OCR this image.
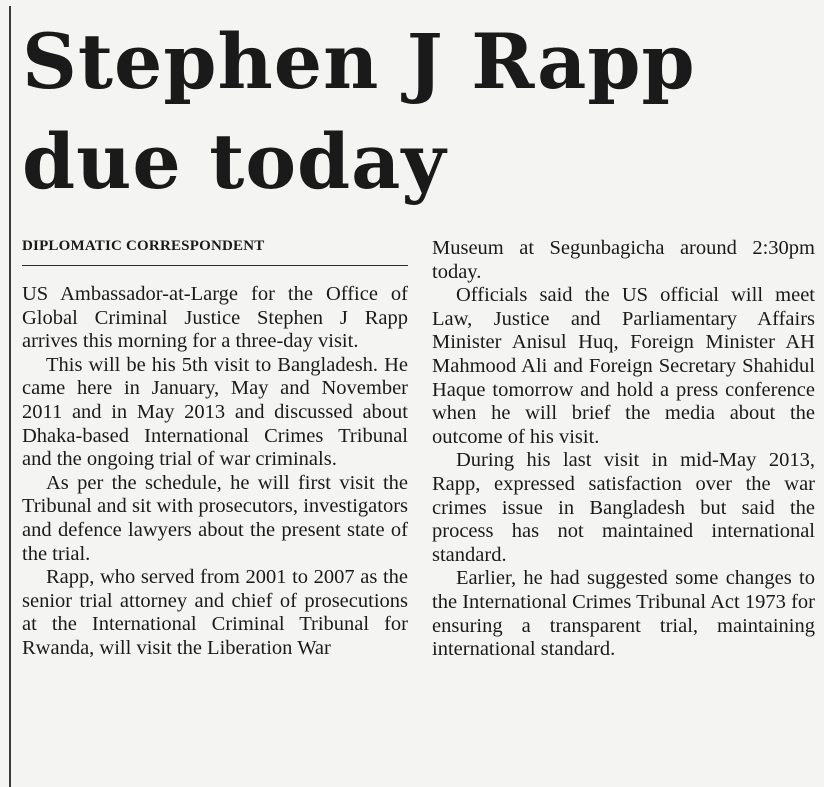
Stephen J Rapp
due today
DIPLOMATIC CORRESPONDENT

US Ambassador-at-Large for the Office of Global Criminal Justice Stephen J Rapp arrives this morning for a three-day visit.

This will be his 5th visit to Bangladesh. He came here in January, May and November 2011 and in May 2013 and discussed about Dhaka-based International Crimes Tribunal and the ongoing trial of war criminals.

As per the schedule, he will first visit the Tribunal and sit with prosecutors, investigators and defence lawyers about the present state of the trial.

Rapp, who served from 2001 to 2007 as the senior trial attorney and chief of prosecutions at the International Criminal Tribunal for Rwanda, will visit the Liberation War

Museum at Segunbagicha around 2:30pm today.

Officials said the US official will meet Law, Justice and Parliamentary Affairs Minister Anisul Huq, Foreign Minister AH Mahmood Ali and Foreign Secretary Shahidul Haque tomorrow and hold a press conference when he will brief the media about the outcome of his visit.

During his last visit in mid-May 2013, Rapp, expressed satisfaction over the war crimes issue in Bangladesh but said the process has not maintained international standard.

Earlier, he had suggested some changes to the International Crimes Tribunal Act 1973 for ensuring a transparent trial, maintaining international standard.
